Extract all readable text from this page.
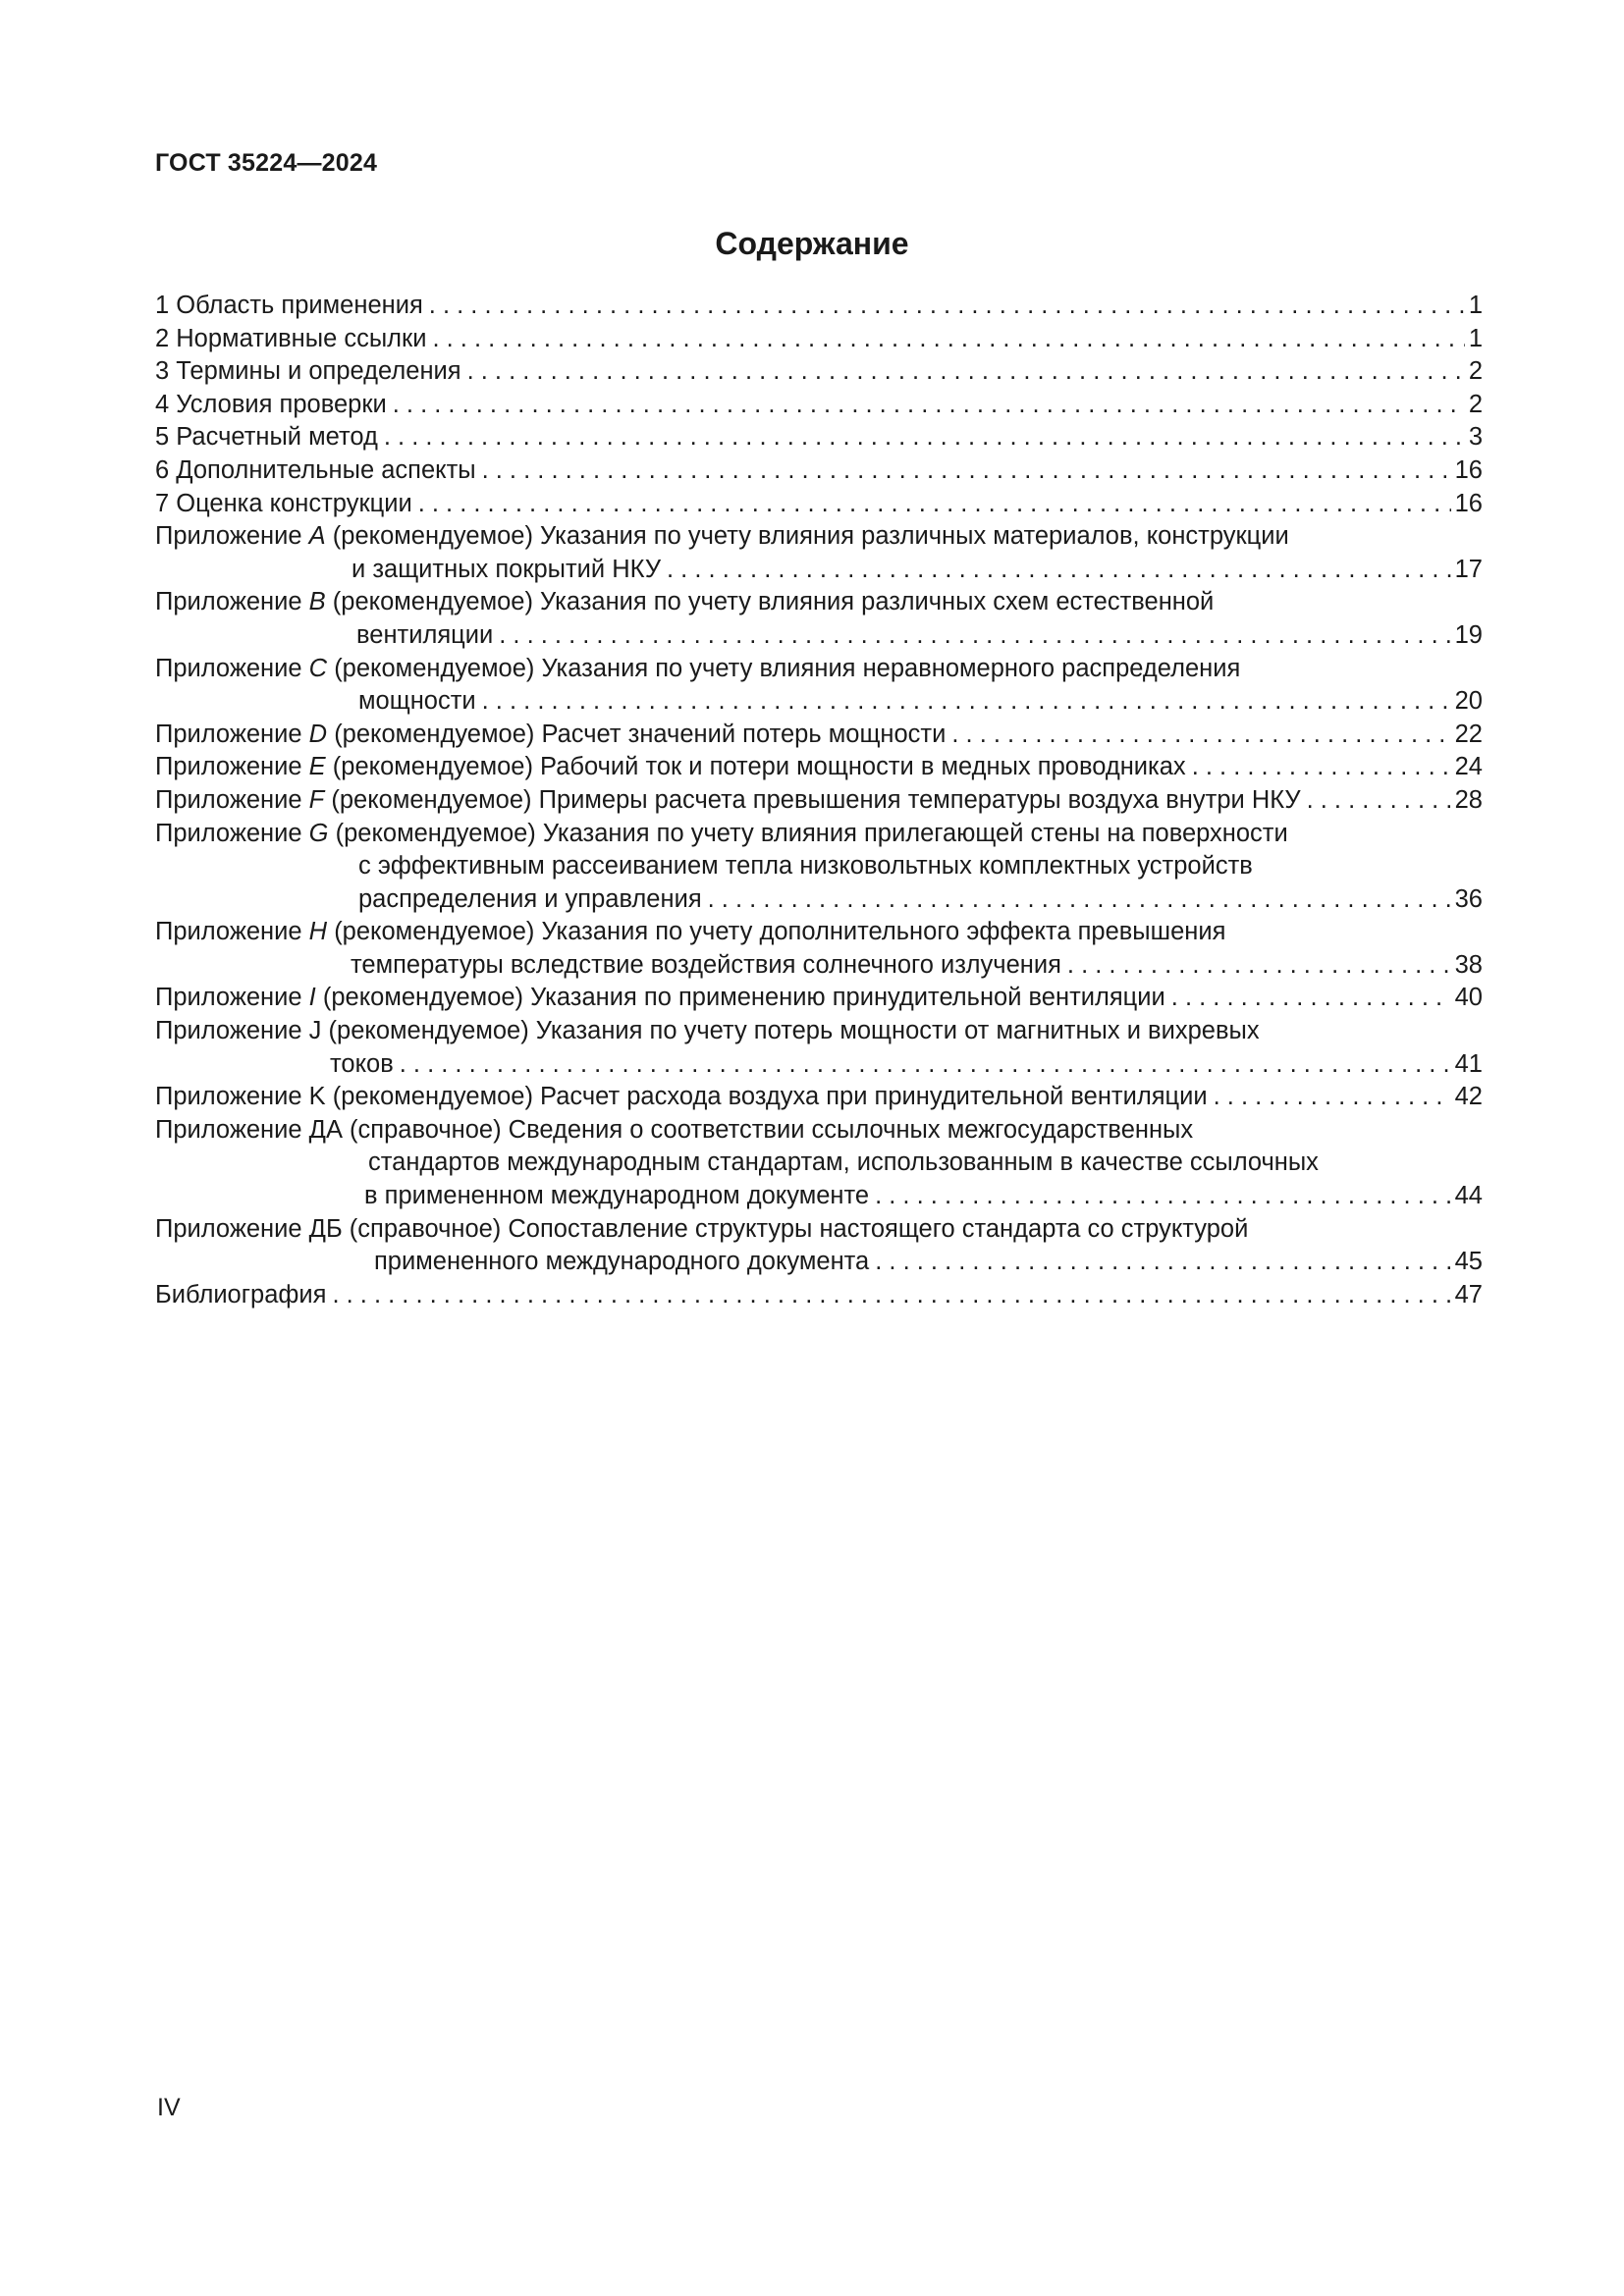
ГОСТ 35224—2024
Содержание
1 Область применения . . .	1
2 Нормативные ссылки . . .	1
3 Термины и определения . . .	2
4 Условия проверки . . .	2
5 Расчетный метод . . .	3
6 Дополнительные аспекты . . .	16
7 Оценка конструкции . . .	16
Приложение A (рекомендуемое) Указания по учету влияния различных материалов, конструкции
и защитных покрытий НКУ . . .	17
Приложение B (рекомендуемое) Указания по учету влияния различных схем естественной
вентиляции . . .	19
Приложение C (рекомендуемое) Указания по учету влияния неравномерного распределения
мощности . . .	20
Приложение D (рекомендуемое) Расчет значений потерь мощности . . .	22
Приложение E (рекомендуемое) Рабочий ток и потери мощности в медных проводниках . . .	24
Приложение F (рекомендуемое) Примеры расчета превышения температуры воздуха внутри НКУ . . .	28
Приложение G (рекомендуемое) Указания по учету влияния прилегающей стены на поверхности
с эффективным рассеиванием тепла низковольтных комплектных устройств
распределения и управления . . .	36
Приложение H (рекомендуемое) Указания по учету дополнительного эффекта превышения
температуры вследствие воздействия солнечного излучения . . .	38
Приложение I (рекомендуемое) Указания по применению принудительной вентиляции . . .	40
Приложение J (рекомендуемое) Указания по учету потерь мощности от магнитных и вихревых
токов . . .	41
Приложение K (рекомендуемое) Расчет расхода воздуха при принудительной вентиляции . . .	42
Приложение ДА (справочное) Сведения о соответствии ссылочных межгосударственных
стандартов международным стандартам, использованным в качестве ссылочных
в примененном международном документе . . .	44
Приложение ДБ (справочное) Сопоставление структуры настоящего стандарта со структурой
примененного международного документа . . .	45
Библиография . . .	47
IV
